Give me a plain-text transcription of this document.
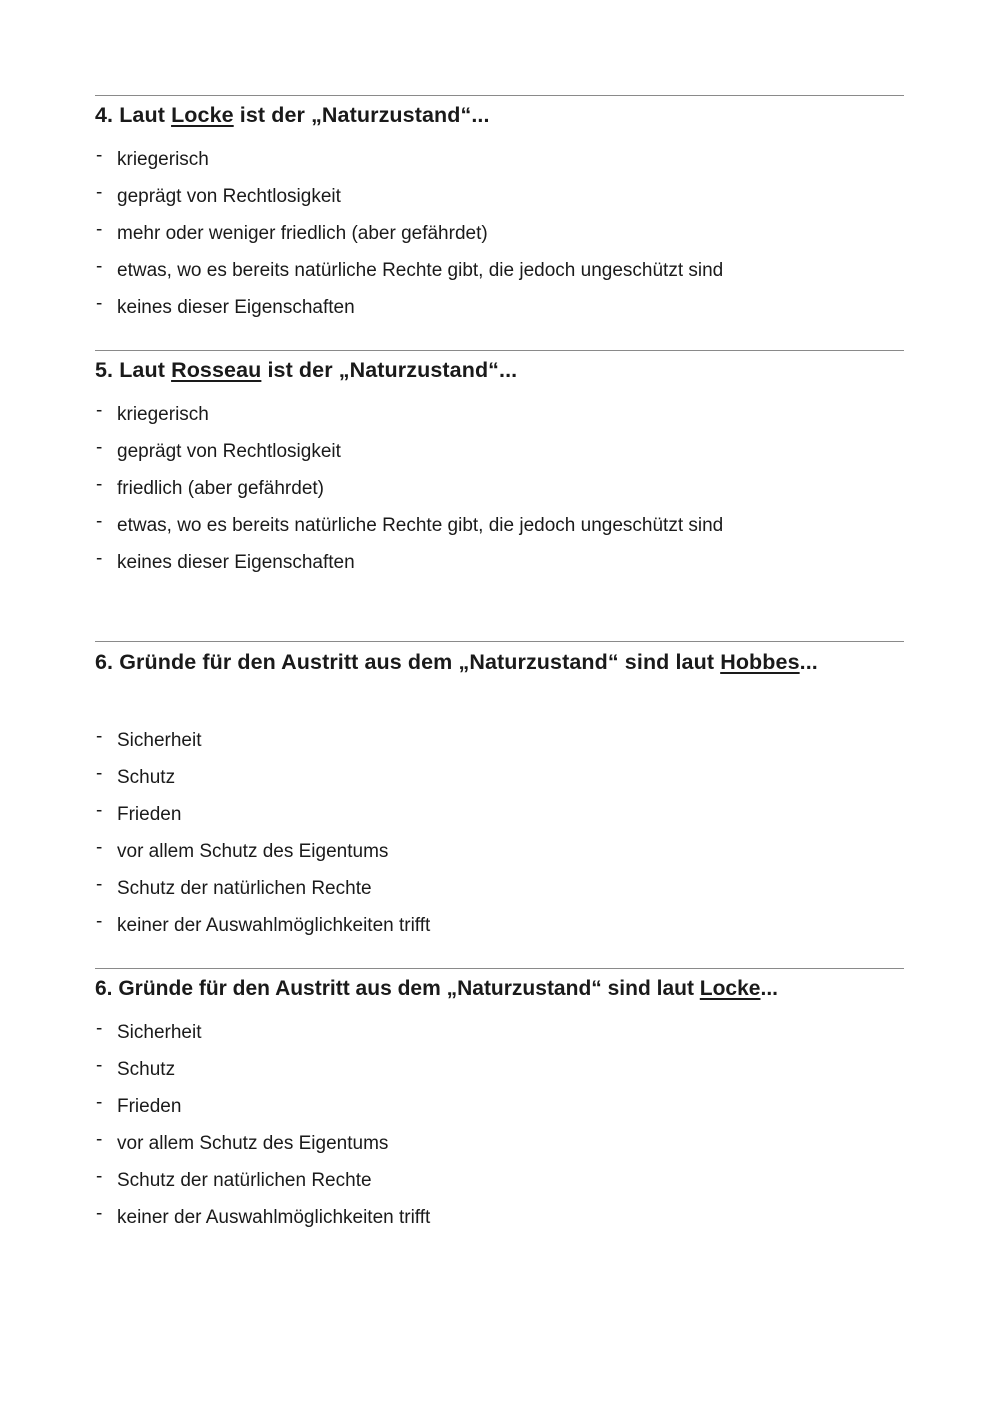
4. Laut Locke ist der „Naturzustand“...
- kriegerisch
- geprägt von Rechtlosigkeit
- mehr oder weniger friedlich (aber gefährdet)
- etwas, wo es bereits natürliche Rechte gibt, die jedoch ungeschützt sind
- keines dieser Eigenschaften
5. Laut Rosseau ist der „Naturzustand“...
- kriegerisch
- geprägt von Rechtlosigkeit
- friedlich (aber gefährdet)
- etwas, wo es bereits natürliche Rechte gibt, die jedoch ungeschützt sind
- keines dieser Eigenschaften
6. Gründe für den Austritt aus dem „Naturzustand“ sind laut Hobbes...
- Sicherheit
- Schutz
- Frieden
- vor allem Schutz des Eigentums
- Schutz der natürlichen Rechte
- keiner der Auswahlmöglichkeiten trifft
6. Gründe für den Austritt aus dem „Naturzustand“ sind laut Locke...
- Sicherheit
- Schutz
- Frieden
- vor allem Schutz des Eigentums
- Schutz der natürlichen Rechte
- keiner der Auswahlmöglichkeiten trifft
